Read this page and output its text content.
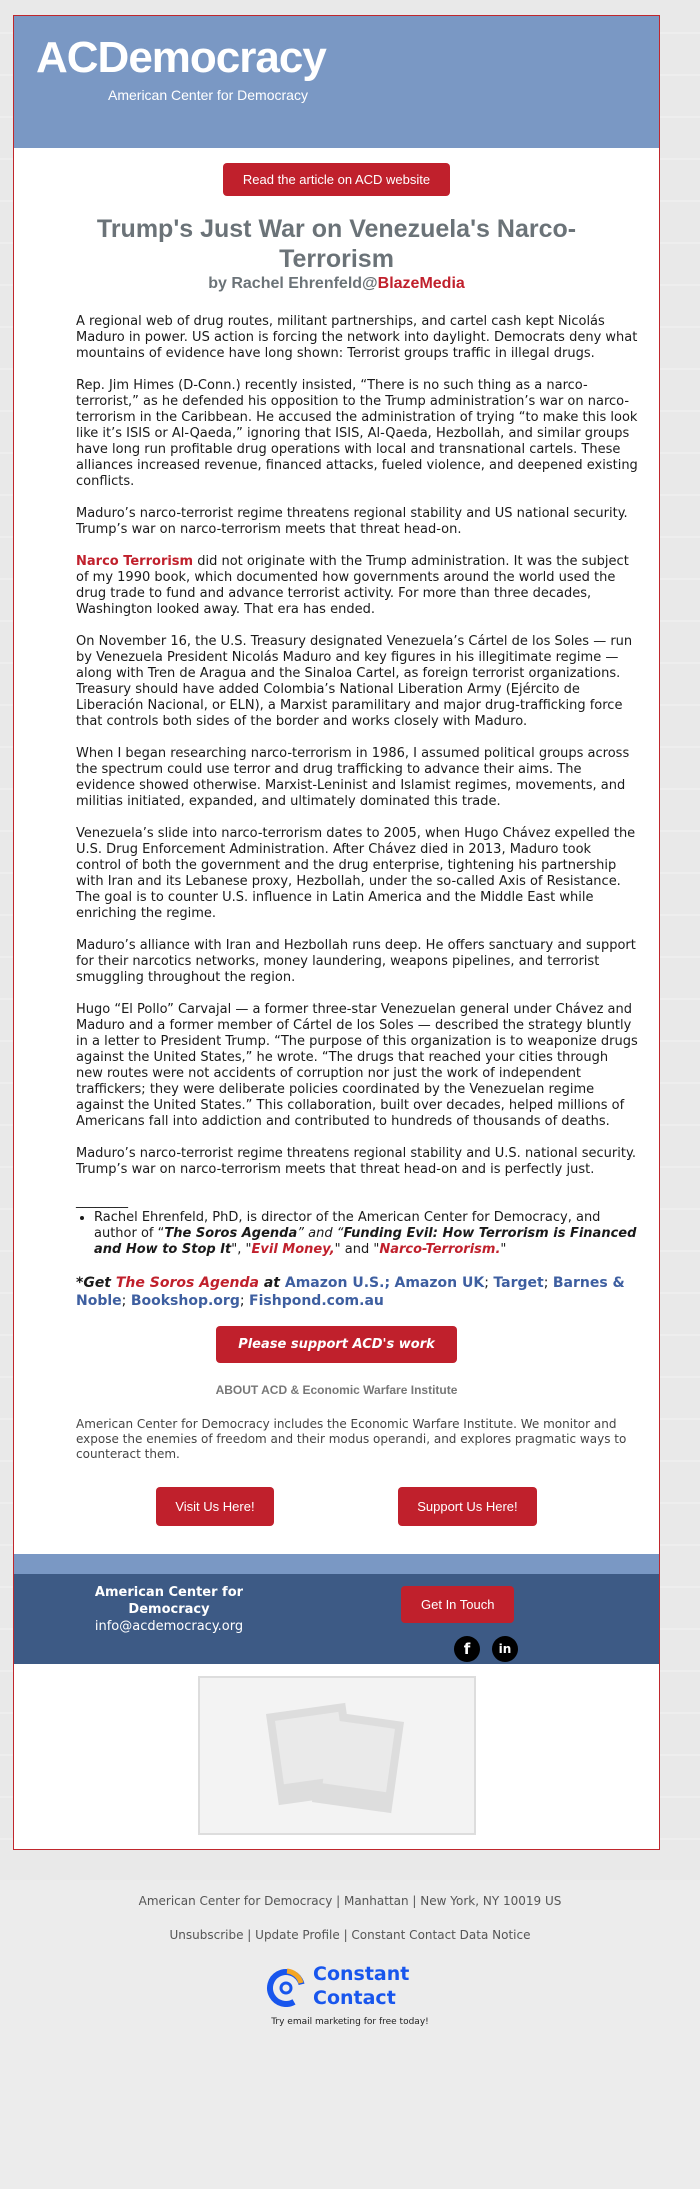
ACDemocracy
American Center for Democracy
Read the article on ACD website
Trump's Just War on Venezuela's Narco-Terrorism
by Rachel Ehrenfeld@BlazeMedia

A regional web of drug routes, militant partnerships, and cartel cash kept Nicolás Maduro in power. US action is forcing the network into daylight. Democrats deny what mountains of evidence have long shown: Terrorist groups traffic in illegal drugs.

Rep. Jim Himes (D-Conn.) recently insisted, “There is no such thing as a narco-terrorist,” as he defended his opposition to the Trump administration’s war on narco-terrorism in the Caribbean. He accused the administration of trying “to make this look like it’s ISIS or Al-Qaeda,” ignoring that ISIS, Al-Qaeda, Hezbollah, and similar groups have long run profitable drug operations with local and transnational cartels. These alliances increased revenue, financed attacks, fueled violence, and deepened existing conflicts.

Maduro’s narco-terrorist regime threatens regional stability and US national security. Trump’s war on narco-terrorism meets that threat head-on.

Narco Terrorism did not originate with the Trump administration. It was the subject of my 1990 book, which documented how governments around the world used the drug trade to fund and advance terrorist activity. For more than three decades, Washington looked away. That era has ended.

On November 16, the U.S. Treasury designated Venezuela’s Cártel de los Soles — run by Venezuela President Nicolás Maduro and key figures in his illegitimate regime — along with Tren de Aragua and the Sinaloa Cartel, as foreign terrorist organizations. Treasury should have added Colombia’s National Liberation Army (Ejército de Liberación Nacional, or ELN), a Marxist paramilitary and major drug-trafficking force that controls both sides of the border and works closely with Maduro.

When I began researching narco-terrorism in 1986, I assumed political groups across the spectrum could use terror and drug trafficking to advance their aims. The evidence showed otherwise. Marxist-Leninist and Islamist regimes, movements, and militias initiated, expanded, and ultimately dominated this trade.

Venezuela’s slide into narco-terrorism dates to 2005, when Hugo Chávez expelled the U.S. Drug Enforcement Administration. After Chávez died in 2013, Maduro took control of both the government and the drug enterprise, tightening his partnership with Iran and its Lebanese proxy, Hezbollah, under the so-called Axis of Resistance. The goal is to counter U.S. influence in Latin America and the Middle East while enriching the regime.

Maduro’s alliance with Iran and Hezbollah runs deep. He offers sanctuary and support for their narcotics networks, money laundering, weapons pipelines, and terrorist smuggling throughout the region.

Hugo “El Pollo” Carvajal — a former three-star Venezuelan general under Chávez and Maduro and a former member of Cártel de los Soles — described the strategy bluntly in a letter to President Trump. “The purpose of this organization is to weaponize drugs against the United States,” he wrote. “The drugs that reached your cities through new routes were not accidents of corruption nor just the work of independent traffickers; they were deliberate policies coordinated by the Venezuelan regime against the United States.” This collaboration, built over decades, helped millions of Americans fall into addiction and contributed to hundreds of thousands of deaths.

Maduro’s narco-terrorist regime threatens regional stability and U.S. national security. Trump’s war on narco-terrorism meets that threat head-on and is perfectly just.

________
• Rachel Ehrenfeld, PhD, is director of the American Center for Democracy, and author of “The Soros Agenda” and “Funding Evil: How Terrorism is Financed and How to Stop It", "Evil Money," and "Narco-Terrorism."

*Get The Soros Agenda at Amazon U.S.; Amazon UK; Target; Barnes & Noble; Bookshop.org; Fishpond.com.au

Please support ACD's work
ABOUT ACD & Economic Warfare Institute
American Center for Democracy includes the Economic Warfare Institute. We monitor and expose the enemies of freedom and their modus operandi, and explores pragmatic ways to counteract them.
Visit Us Here!	Support Us Here!
American Center for Democracy
info@acdemocracy.org
Get In Touch
f	in
American Center for Democracy | Manhattan | New York, NY 10019 US
Unsubscribe | Update Profile | Constant Contact Data Notice
Constant
Contact
Try email marketing for free today!
